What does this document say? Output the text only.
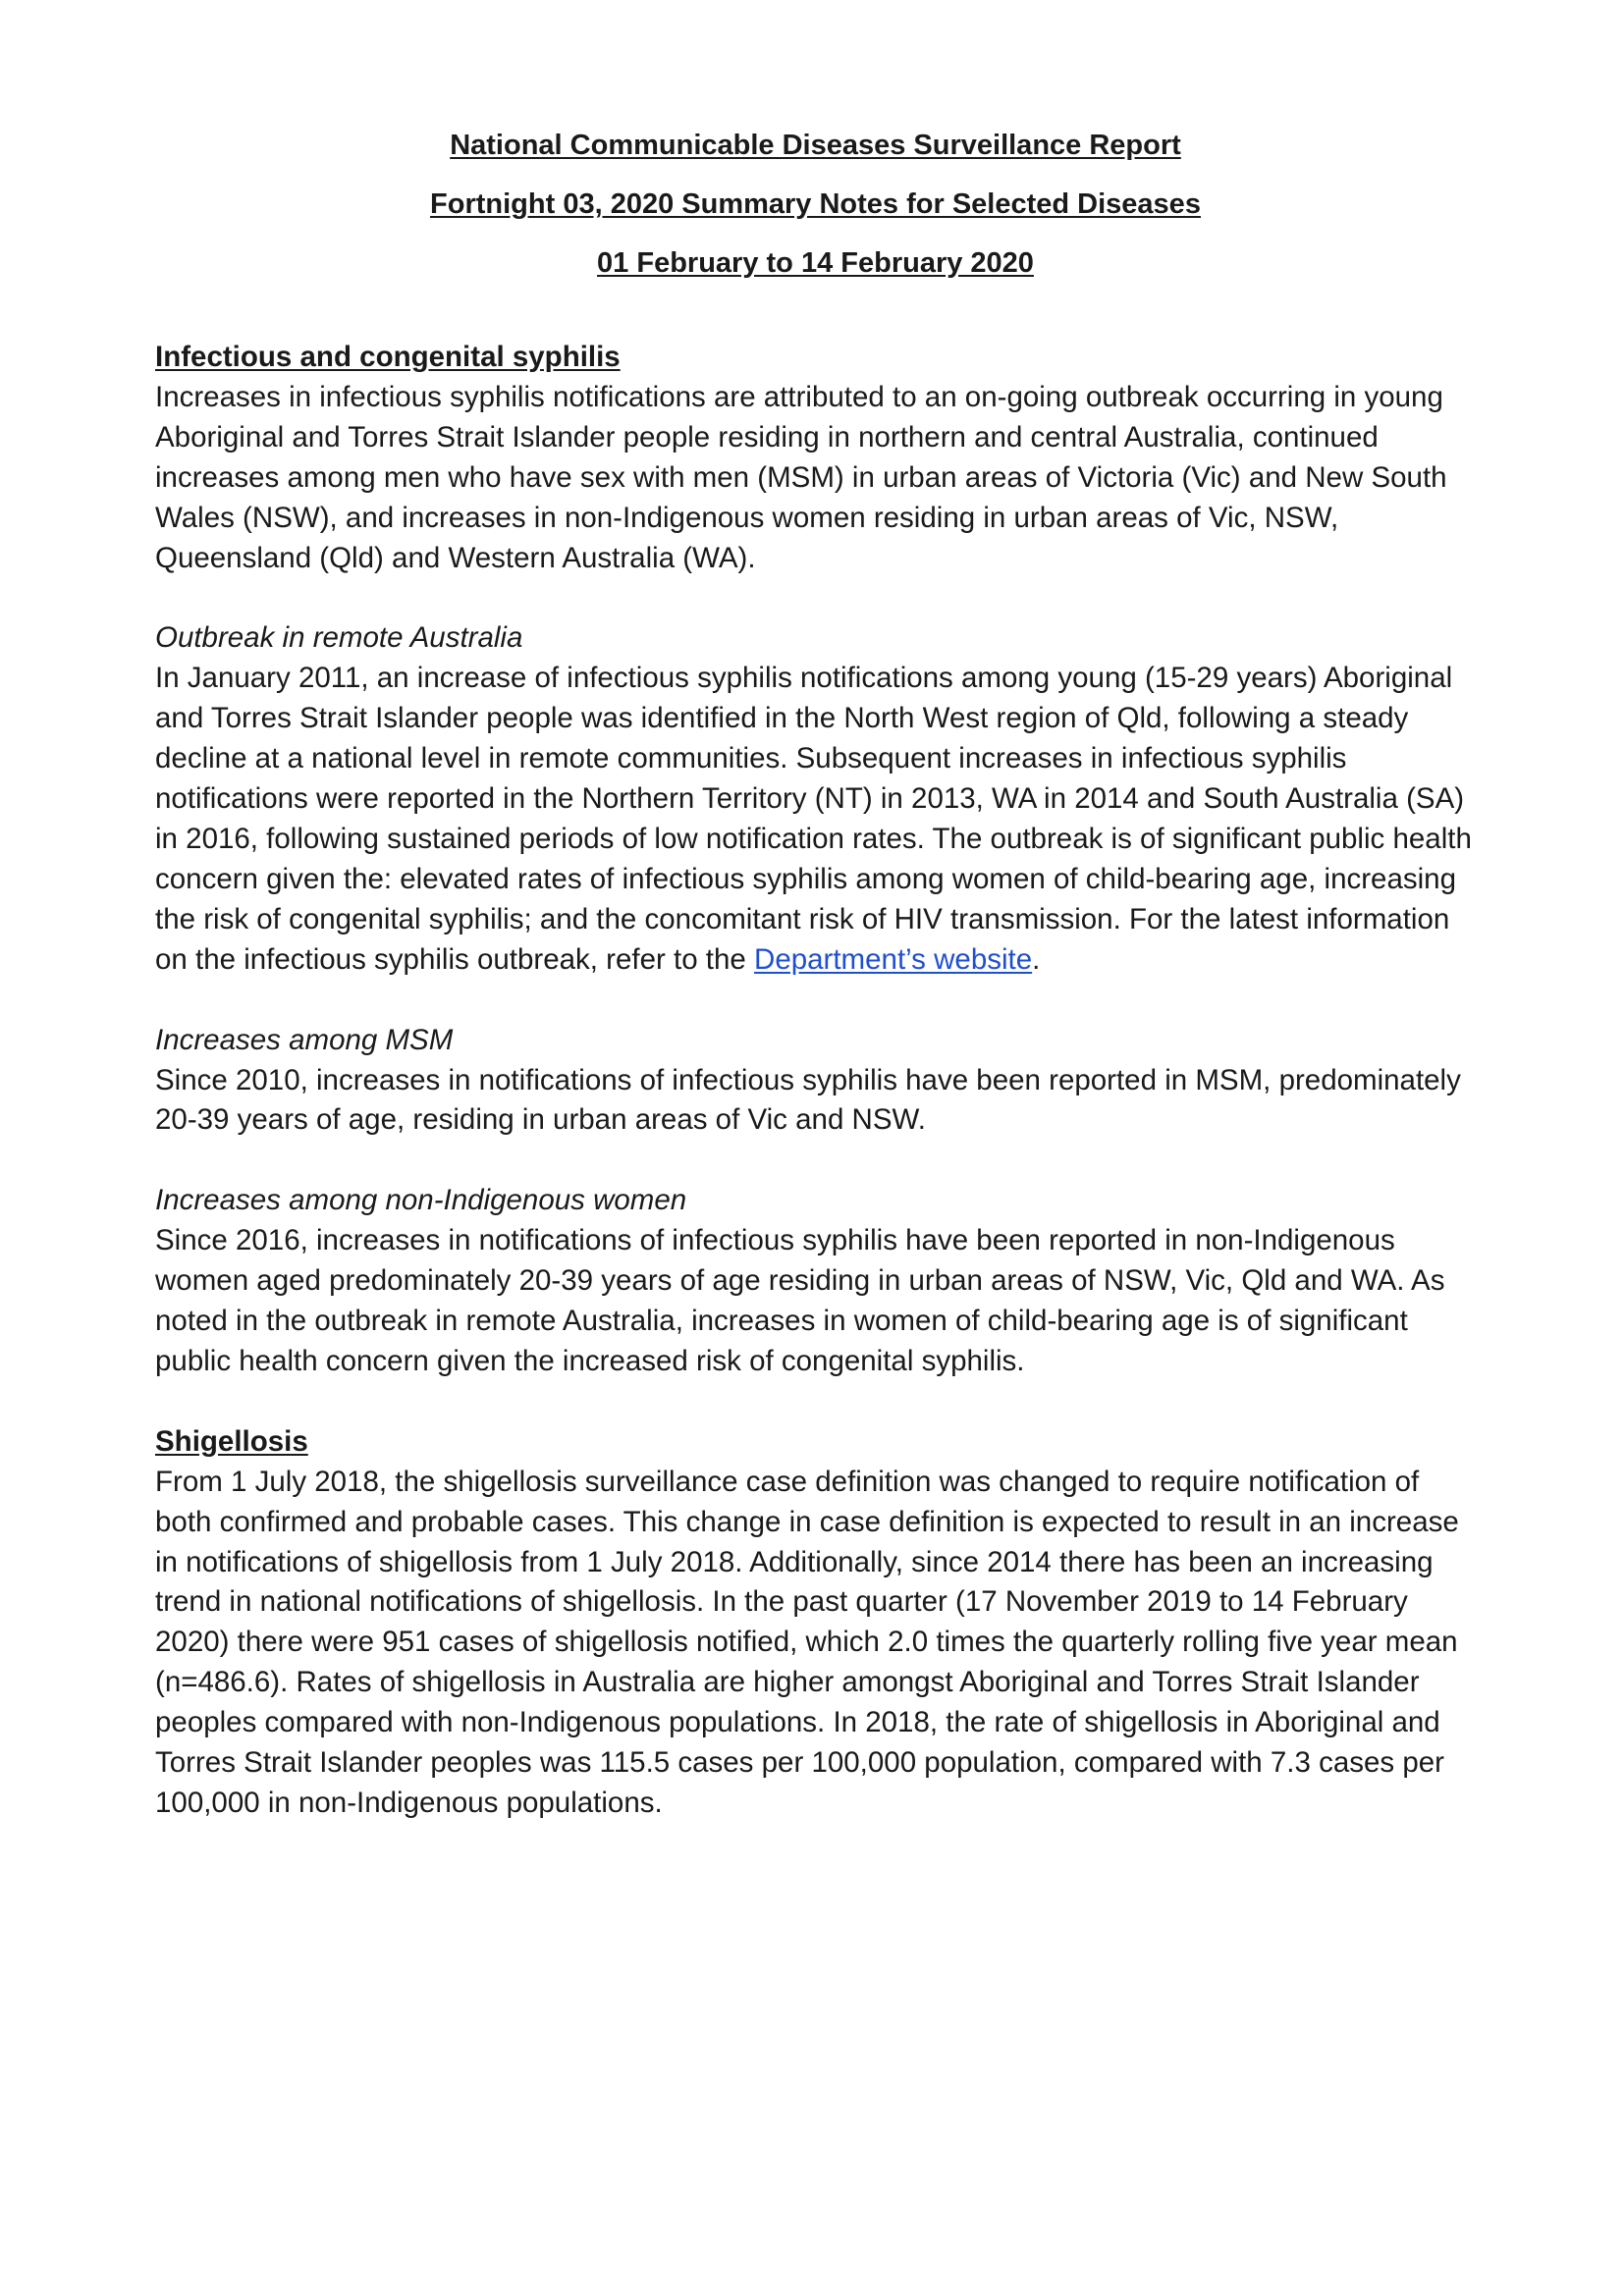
National Communicable Diseases Surveillance Report
Fortnight 03, 2020 Summary Notes for Selected Diseases
01 February to 14 February 2020
Infectious and congenital syphilis

Increases in infectious syphilis notifications are attributed to an on-going outbreak occurring in young Aboriginal and Torres Strait Islander people residing in northern and central Australia, continued increases among men who have sex with men (MSM) in urban areas of Victoria (Vic) and New South Wales (NSW), and increases in non-Indigenous women residing in urban areas of Vic, NSW, Queensland (Qld) and Western Australia (WA).

Outbreak in remote Australia

In January 2011, an increase of infectious syphilis notifications among young (15-29 years) Aboriginal and Torres Strait Islander people was identified in the North West region of Qld, following a steady decline at a national level in remote communities. Subsequent increases in infectious syphilis notifications were reported in the Northern Territory (NT) in 2013, WA in 2014 and South Australia (SA) in 2016, following sustained periods of low notification rates. The outbreak is of significant public health concern given the: elevated rates of infectious syphilis among women of child-bearing age, increasing the risk of congenital syphilis; and the concomitant risk of HIV transmission. For the latest information on the infectious syphilis outbreak, refer to the Department’s website.

Increases among MSM

Since 2010, increases in notifications of infectious syphilis have been reported in MSM, predominately 20-39 years of age, residing in urban areas of Vic and NSW.

Increases among non-Indigenous women

Since 2016, increases in notifications of infectious syphilis have been reported in non-Indigenous women aged predominately 20-39 years of age residing in urban areas of NSW, Vic, Qld and WA. As noted in the outbreak in remote Australia, increases in women of child-bearing age is of significant public health concern given the increased risk of congenital syphilis.

Shigellosis

From 1 July 2018, the shigellosis surveillance case definition was changed to require notification of both confirmed and probable cases. This change in case definition is expected to result in an increase in notifications of shigellosis from 1 July 2018. Additionally, since 2014 there has been an increasing trend in national notifications of shigellosis. In the past quarter (17 November 2019 to 14 February 2020) there were 951 cases of shigellosis notified, which 2.0 times the quarterly rolling five year mean (n=486.6). Rates of shigellosis in Australia are higher amongst Aboriginal and Torres Strait Islander peoples compared with non-Indigenous populations. In 2018, the rate of shigellosis in Aboriginal and Torres Strait Islander peoples was 115.5 cases per 100,000 population, compared with 7.3 cases per 100,000 in non-Indigenous populations.
